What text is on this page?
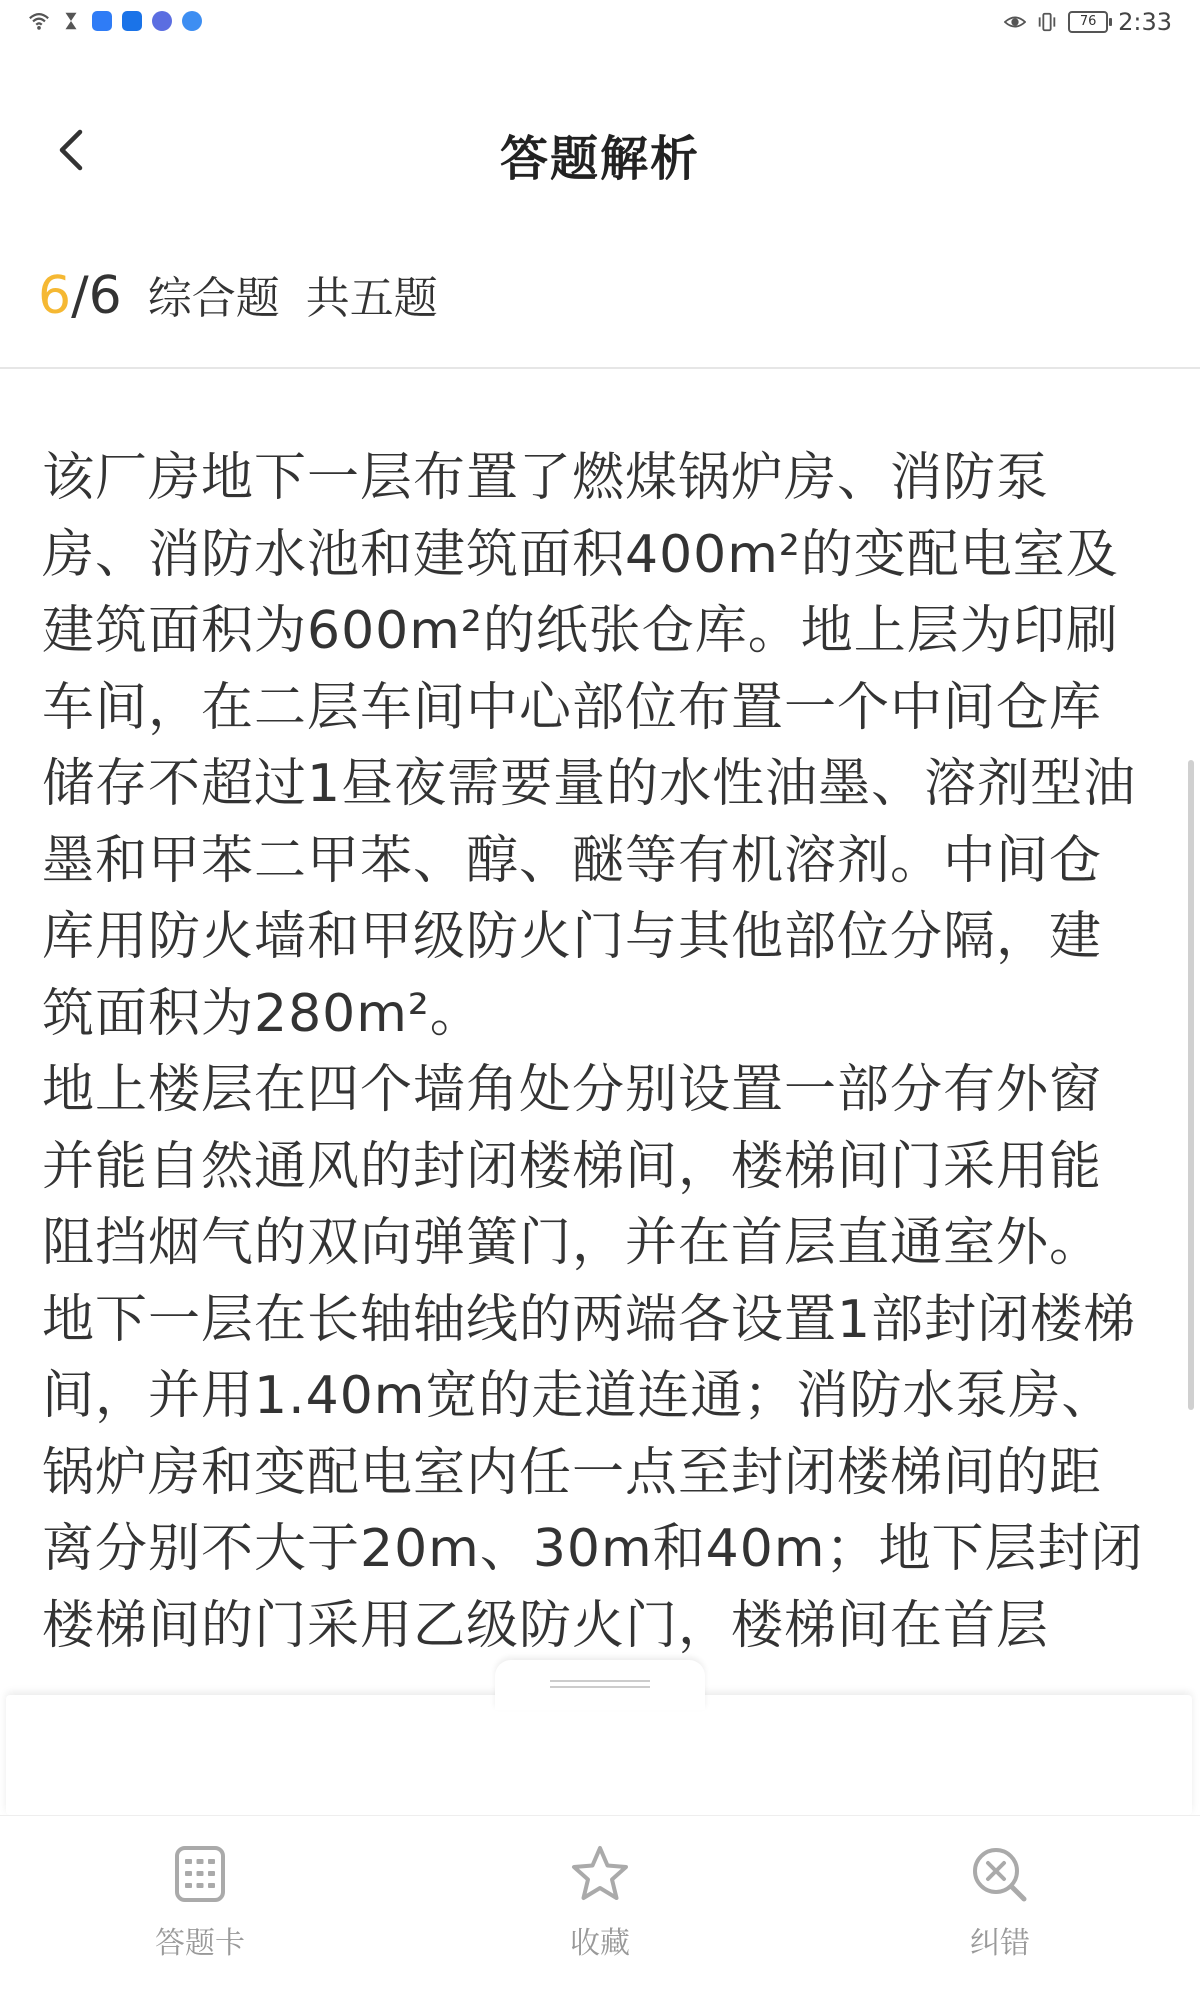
76 2:33
答题解析
6 / 6 综合题 共五题

该厂房地下一层布置了燃煤锅炉房、消防泵房、消防水池和建筑面积400m²的变配电室及建筑面积为600m²的纸张仓库。地上层为印刷车间，在二层车间中心部位布置一个中间仓库储存不超过1昼夜需要量的水性油墨、溶剂型油墨和甲苯二甲苯、醇、醚等有机溶剂。中间仓库用防火墙和甲级防火门与其他部位分隔，建筑面积为280m²。

地上楼层在四个墙角处分别设置一部分有外窗并能自然通风的封闭楼梯间，楼梯间门采用能阻挡烟气的双向弹簧门，并在首层直通室外。地下一层在长轴轴线的两端各设置1部封闭楼梯间，并用1.40m宽的走道连通；消防水泵房、锅炉房和变配电室内任一点至封闭楼梯间的距离分别不大于20m、30m和40m；地下层封闭楼梯间的门采用乙级防火门，楼梯间在首层

答题卡	收藏	纠错
